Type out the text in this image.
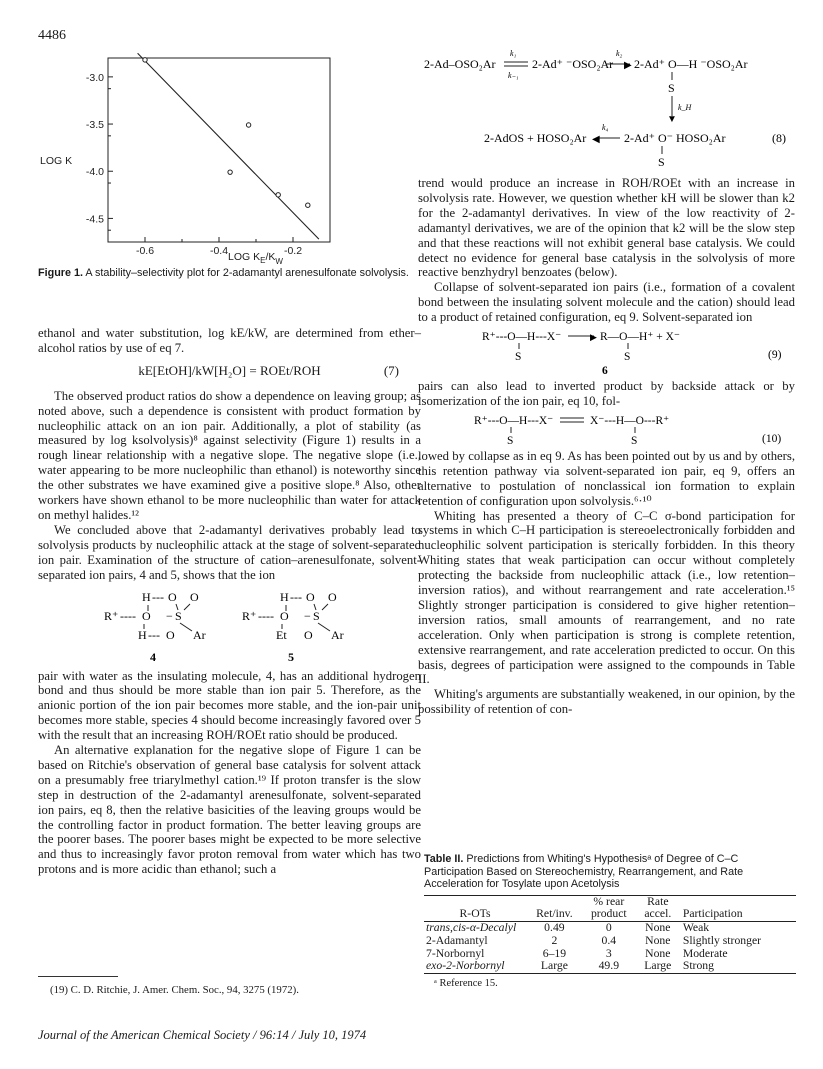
4486
-3.0
-3.5
-4.0
-4.5
-0.6	-0.4	-0.2
LOG K
LOG $K_E/K_W$
Figure 1. A stability–selectivity plot for 2-adamantyl arenesulfonate solvolysis.

ethanol and water substitution, log kE/kW, are determined from ether–alcohol ratios by use of eq 7.

kE[EtOH]/kW[H₂O] = ROEt/ROH	(7)

The observed product ratios do show a dependence on leaving group; as noted above, such a dependence is consistent with product formation by nucleophilic attack on an ion pair. Additionally, a plot of stability (as measured by log ksolvolysis)⁸ against selectivity (Figure 1) results in a rough linear relationship with a negative slope. The negative slope (i.e., water appearing to be more nucleophilic than ethanol) is noteworthy since the other substrates we have examined give a positive slope.⁸ Also, other workers have shown ethanol to be more nucleophilic than water for attack on methyl halides.¹²

We concluded above that 2-adamantyl derivatives probably lead to solvolysis products by nucleophilic attack at the stage of solvent-separated ion pair. Examination of the structure of cation–arenesulfonate, solvent-separated ion pairs, 4 and 5, shows that the ion

H --- O O
R⁺ ---- O − S
H --- O Ar
4
H --- O O
R⁺ ---- O − S
Et O Ar
5

pair with water as the insulating molecule, 4, has an additional hydrogen bond and thus should be more stable than ion pair 5. Therefore, as the anionic portion of the ion pair becomes more stable, and the ion-pair unit becomes more stable, species 4 should become increasingly favored over 5 with the result that an increasing ROH/ROEt ratio should be produced.

An alternative explanation for the negative slope of Figure 1 can be based on Ritchie's observation of general base catalysis for solvent attack on a presumably free triarylmethyl cation.¹⁹ If proton transfer is the slow step in destruction of the 2-adamantyl arenesulfonate, solvent-separated ion pairs, eq 8, then the relative basicities of the leaving groups would be the controlling factor in product formation. The better leaving groups are the poorer bases. The poorer bases might be expected to be more selective and thus to increasingly favor proton removal from water which has two protons and is more acidic than ethanol; such a

k₁	k₂
2-Ad–OSO₂Ar
k₋₁
2-Ad⁺ ⁻OSO₂Ar ▶ 2-Ad⁺ O—H ⁻OSO₂Ar
S
▼
k_H
k₄
2-AdOS + HOSO₂Ar ◀ 2-Ad⁺ O⁻ HOSO₂Ar	(8)
S

trend would produce an increase in ROH/ROEt with an increase in solvolysis rate. However, we question whether kH will be slower than k2 for the 2-adamantyl derivatives. In view of the low reactivity of 2-adamantyl derivatives, we are of the opinion that k2 will be the slow step and that these reactions will not exhibit general base catalysis. We could detect no evidence for general base catalysis in the solvolysis of more reactive benzhydryl benzoates (below).

Collapse of solvent-separated ion pairs (i.e., formation of a covalent bond between the insulating solvent molecule and the cation) should lead to a product of retained configuration, eq 9. Solvent-separated ion

R⁺---O—H---X⁻	▶ R—O—H⁺ + X⁻
S	S	(9)
6

pairs can also lead to inverted product by backside attack or by isomerization of the ion pair, eq 10, fol-

R⁺---O—H---X⁻	X⁻---H—O---R⁺
S	S	(10)

lowed by collapse as in eq 9. As has been pointed out by us and by others, this retention pathway via solvent-separated ion pair, eq 9, offers an alternative to postulation of nonclassical ion formation to explain retention of configuration upon solvolysis.⁶·¹⁰

Whiting has presented a theory of C–C σ-bond participation for systems in which C–H participation is stereoelectronically forbidden and nucleophilic solvent participation is sterically forbidden. In this theory Whiting states that weak participation can occur without completely protecting the backside from nucleophilic attack (i.e., low retention–inversion ratios), and without rearrangement and rate acceleration.¹⁵ Slightly stronger participation is considered to give higher retention–inversion ratios, small amounts of rearrangement, and no rate acceleration. Only when participation is strong is complete retention, extensive rearrangement, and rate acceleration predicted to occur. On this basis, degrees of participation were assigned to the compounds in Table II.

Whiting's arguments are substantially weakened, in our opinion, by the possibility of retention of con-

Table II. Predictions from Whiting's Hypothesisᵃ of Degree of C–C Participation Based on Stereochemistry, Rearrangement, and Rate Acceleration for Tosylate upon Acetolysis
R-OTs	Ret/inv.	% rear product	Rate accel.	Participation
trans,cis-α-Decalyl	0.49	0	None	Weak
2-Adamantyl	2	0.4	None	Slightly stronger
7-Norbornyl	6–19	3	None	Moderate
exo-2-Norbornyl	Large	49.9	Large	Strong
ᵃ Reference 15.
(19) C. D. Ritchie, J. Amer. Chem. Soc., 94, 3275 (1972).
Journal of the American Chemical Society / 96:14 / July 10, 1974
